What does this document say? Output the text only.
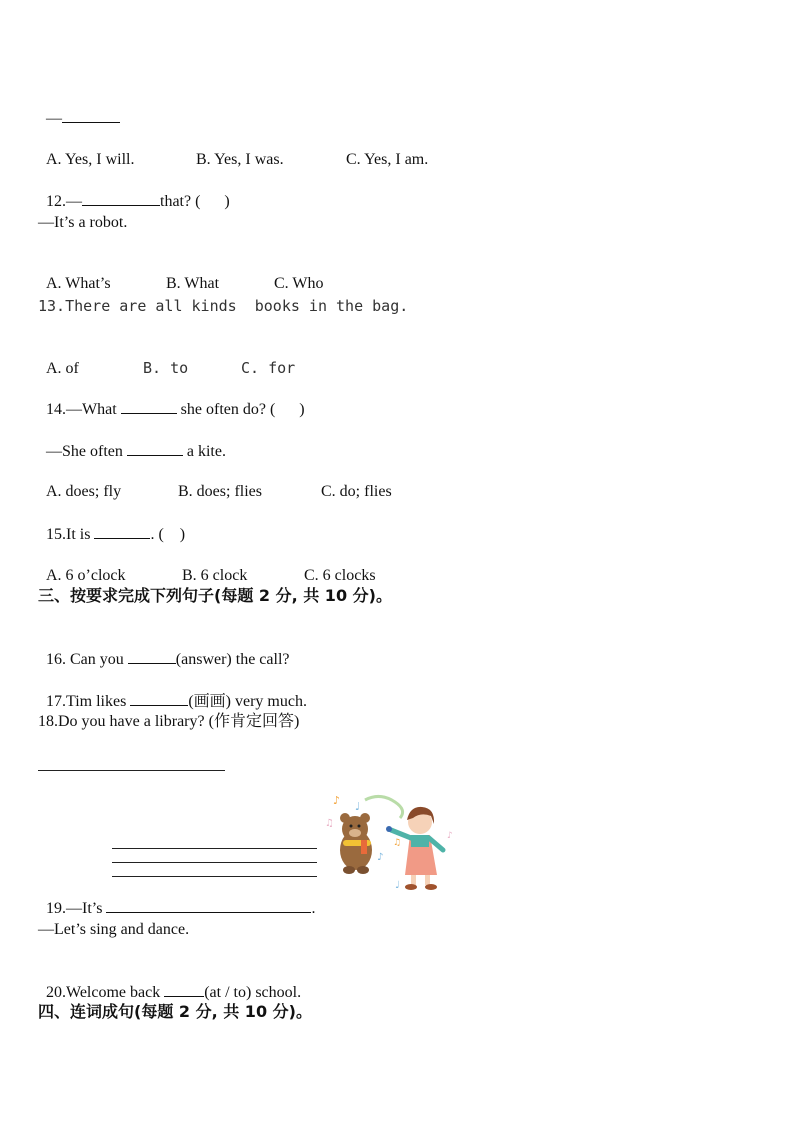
—

A. Yes, I will.	B. Yes, I was.	C. Yes, I am.

12.—	that? (      )

—It’s a robot.

A. What’s	B. What	C. Who

13.There are all kinds  books in the bag.

A. of	B. to	C. for

14.—What	she often do? (      )

—She often	a kite.

A. does; fly	B. does; flies	C. do; flies

15.It is	. (    )

A. 6 o’clock	B. 6 clock	C. 6 clocks

三、按要求完成下列句子(每题 2 分, 共 10 分)。

16. Can you	(answer) the call?

17.Tim likes	(画画) very much.

18.Do you have a library? (作肯定回答)

19.—It’s	.

♪
♫
♩
♪
♫
♪
♩
—Let’s sing and dance.

20.Welcome back	(at / to) school.

四、连词成句(每题 2 分, 共 10 分)。
